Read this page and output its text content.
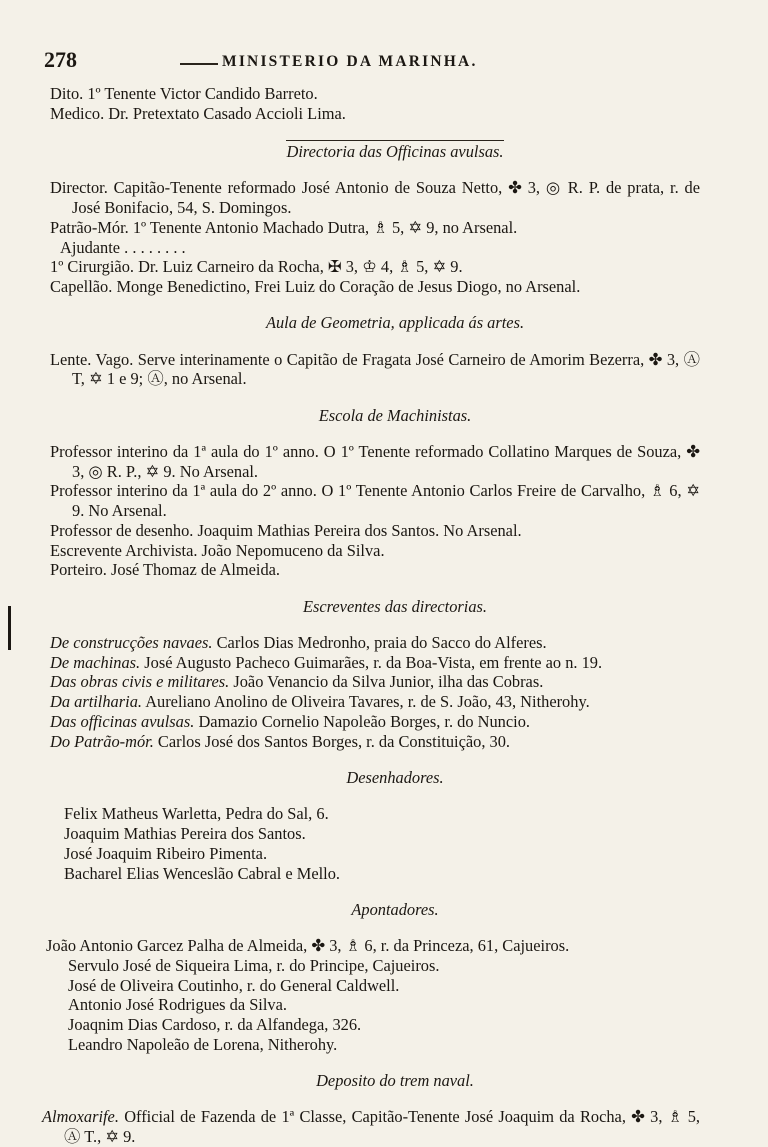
278	MINISTERIO DA MARINHA.

Dito. 1º Tenente Victor Candido Barreto.

Medico. Dr. Pretextato Casado Accioli Lima.

Directoria das Officinas avulsas.

Director. Capitão-Tenente reformado José Antonio de Souza Netto, ✤ 3, ◎ R. P. de prata, r. de José Bonifacio, 54, S. Domingos.

Patrão-Mór. 1º Tenente Antonio Machado Dutra, ♗ 5, ✡ 9, no Arsenal.

Ajudante . . . . . . . .

1º Cirurgião. Dr. Luiz Carneiro da Rocha, ✠ 3, ♔ 4, ♗ 5, ✡ 9.

Capellão. Monge Benedictino, Frei Luiz do Coração de Jesus Diogo, no Arsenal.

Aula de Geometria, applicada ás artes.

Lente. Vago. Serve interinamente o Capitão de Fragata José Carneiro de Amorim Bezerra, ✤ 3, Ⓐ T, ✡ 1 e 9; Ⓐ, no Arsenal.

Escola de Machinistas.

Professor interino da 1ª aula do 1º anno. O 1º Tenente reformado Collatino Marques de Souza, ✤ 3, ◎ R. P., ✡ 9. No Arsenal.

Professor interino da 1ª aula do 2º anno. O 1º Tenente Antonio Carlos Freire de Carvalho, ♗ 6, ✡ 9. No Arsenal.

Professor de desenho. Joaquim Mathias Pereira dos Santos. No Arsenal.

Escrevente Archivista. João Nepomuceno da Silva.

Porteiro. José Thomaz de Almeida.

Escreventes das directorias.

De construcções navaes. Carlos Dias Medronho, praia do Sacco do Alferes.

De machinas. José Augusto Pacheco Guimarães, r. da Boa-Vista, em frente ao n. 19.

Das obras civis e militares. João Venancio da Silva Junior, ilha das Cobras.

Da artilharia. Aureliano Anolino de Oliveira Tavares, r. de S. João, 43, Nitherohy.

Das officinas avulsas. Damazio Cornelio Napoleão Borges, r. do Nuncio.

Do Patrão-mór. Carlos José dos Santos Borges, r. da Constituição, 30.

Desenhadores.

Felix Matheus Warletta, Pedra do Sal, 6.

Joaquim Mathias Pereira dos Santos.

José Joaquim Ribeiro Pimenta.

Bacharel Elias Wenceslão Cabral e Mello.

Apontadores.

João Antonio Garcez Palha de Almeida, ✤ 3, ♗ 6, r. da Princeza, 61, Cajueiros.

Servulo José de Siqueira Lima, r. do Principe, Cajueiros.

José de Oliveira Coutinho, r. do General Caldwell.

Antonio José Rodrigues da Silva.

Joaqnim Dias Cardoso, r. da Alfandega, 326.

Leandro Napoleão de Lorena, Nitherohy.

Deposito do trem naval.

Almoxarife. Official de Fazenda de 1ª Classe, Capitão-Tenente José Joaquim da Rocha, ✤ 3, ♗ 5, Ⓐ T., ✡ 9.
